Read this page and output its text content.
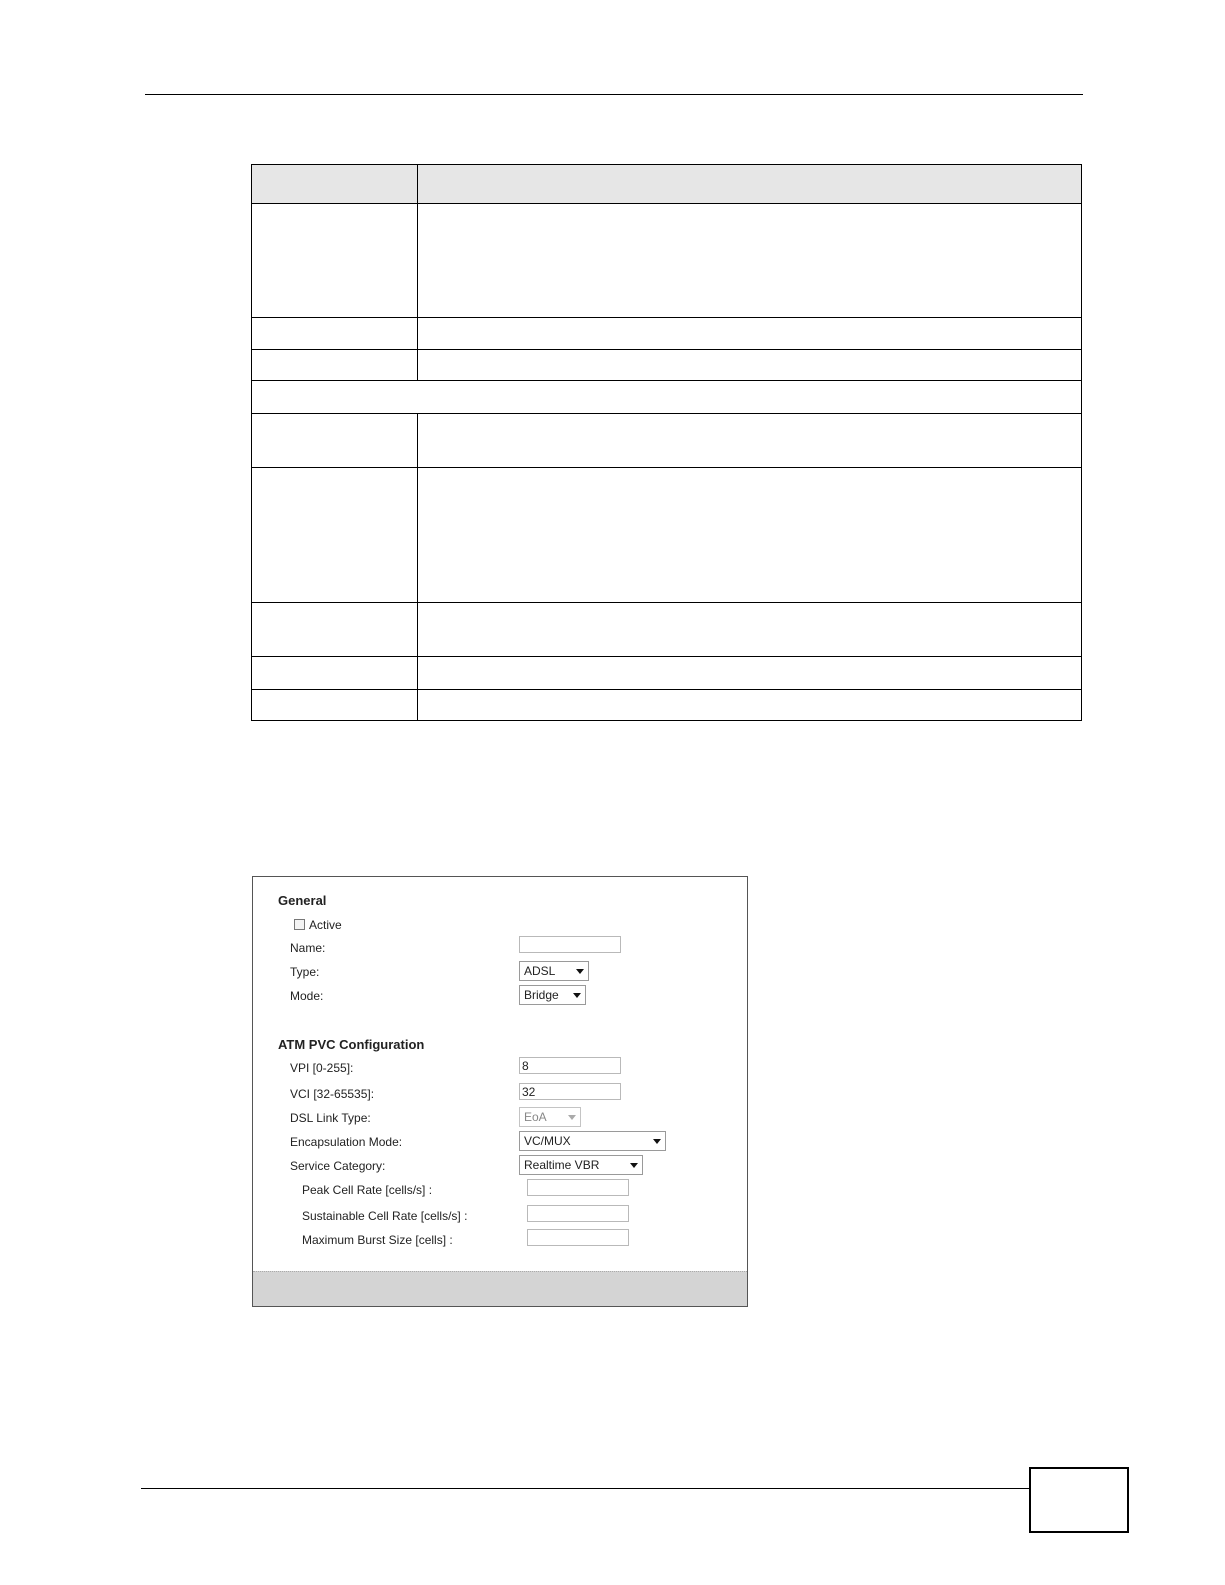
General
Active
Name:
Type:	ADSL
Mode:	Bridge
ATM PVC Configuration
VPI [0-255]:	8
VCI [32-65535]:	32
DSL Link Type:	EoA
Encapsulation Mode:	VC/MUX
Service Category:	Realtime VBR
Peak Cell Rate [cells/s] :
Sustainable Cell Rate [cells/s] :
Maximum Burst Size [cells] :
